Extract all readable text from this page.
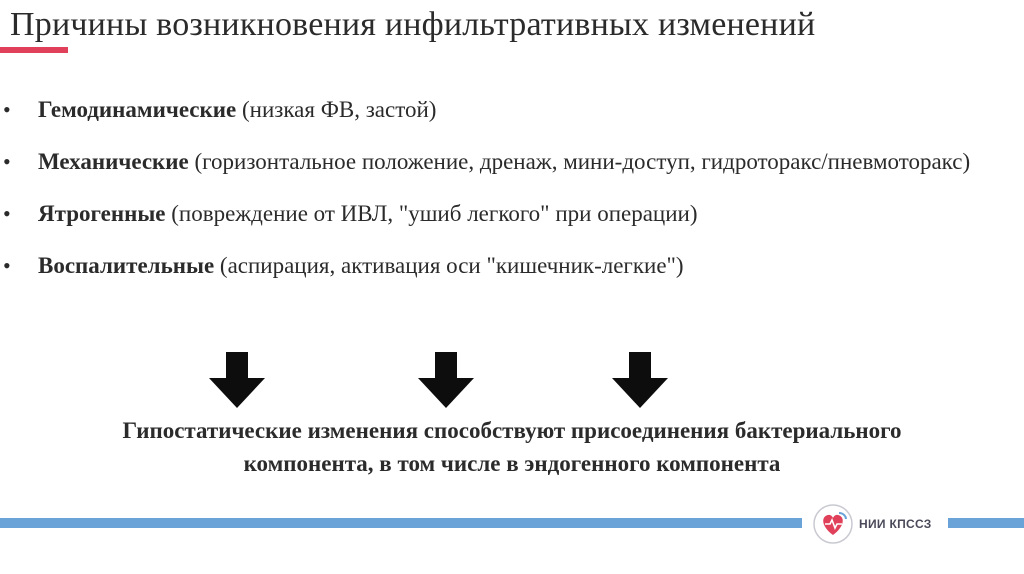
Причины возникновения инфильтративных изменений
• Гемодинамические (низкая ФВ, застой)
• Механические (горизонтальное положение, дренаж, мини-доступ, гидроторакс/пневмоторакс)
• Ятрогенные (повреждение от ИВЛ, "ушиб легкого" при операции)
• Воспалительные (аспирация, активация оси "кишечник-легкие")
Гипостатические изменения способствуют присоединения бактериального
компонента, в том числе в эндогенного компонента
НИИ КПССЗ
